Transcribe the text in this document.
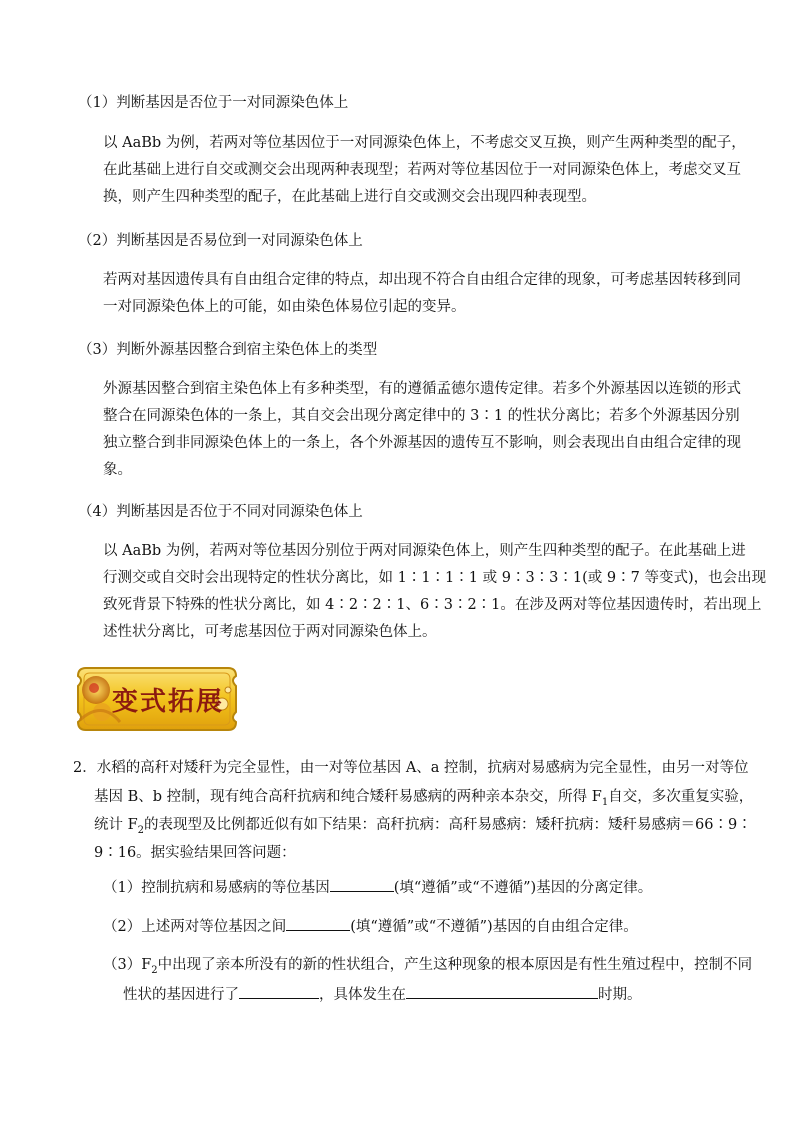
（1）判断基因是否位于一对同源染色体上
以 AaBb 为例，若两对等位基因位于一对同源染色体上，不考虑交叉互换，则产生两种类型的配子，
在此基础上进行自交或测交会出现两种表现型；若两对等位基因位于一对同源染色体上，考虑交叉互
换，则产生四种类型的配子，在此基础上进行自交或测交会出现四种表现型。
（2）判断基因是否易位到一对同源染色体上
若两对基因遗传具有自由组合定律的特点，却出现不符合自由组合定律的现象，可考虑基因转移到同
一对同源染色体上的可能，如由染色体易位引起的变异。
（3）判断外源基因整合到宿主染色体上的类型
外源基因整合到宿主染色体上有多种类型，有的遵循孟德尔遗传定律。若多个外源基因以连锁的形式
整合在同源染色体的一条上，其自交会出现分离定律中的 3∶1 的性状分离比；若多个外源基因分别
独立整合到非同源染色体上的一条上，各个外源基因的遗传互不影响，则会表现出自由组合定律的现
象。
（4）判断基因是否位于不同对同源染色体上
以 AaBb 为例，若两对等位基因分别位于两对同源染色体上，则产生四种类型的配子。在此基础上进
行测交或自交时会出现特定的性状分离比，如 1∶1∶1∶1 或 9∶3∶3∶1(或 9∶7 等变式)，也会出现
致死背景下特殊的性状分离比，如 4∶2∶2∶1、6∶3∶2∶1。在涉及两对等位基因遗传时，若出现上
述性状分离比，可考虑基因位于两对同源染色体上。
变式拓展
2．水稻的高秆对矮秆为完全显性，由一对等位基因 A、a 控制，抗病对易感病为完全显性，由另一对等位
基因 B、b 控制，现有纯合高秆抗病和纯合矮秆易感病的两种亲本杂交，所得 $F_1$自交，多次重复实验，
统计 $F_2$的表现型及比例都近似有如下结果：高秆抗病：高秆易感病：矮秆抗病：矮秆易感病＝66∶9∶
9∶16。据实验结果回答问题：
（1）控制抗病和易感病的等位基因	(填“遵循”或“不遵循”)基因的分离定律。
（2）上述两对等位基因之间	(填“遵循”或“不遵循”)基因的自由组合定律。
$(3)F_2$中出现了亲本所没有的新的性状组合，产生这种现象的根本原因是有性生殖过程中，控制不同
性状的基因进行了	，具体发生在	时期。
